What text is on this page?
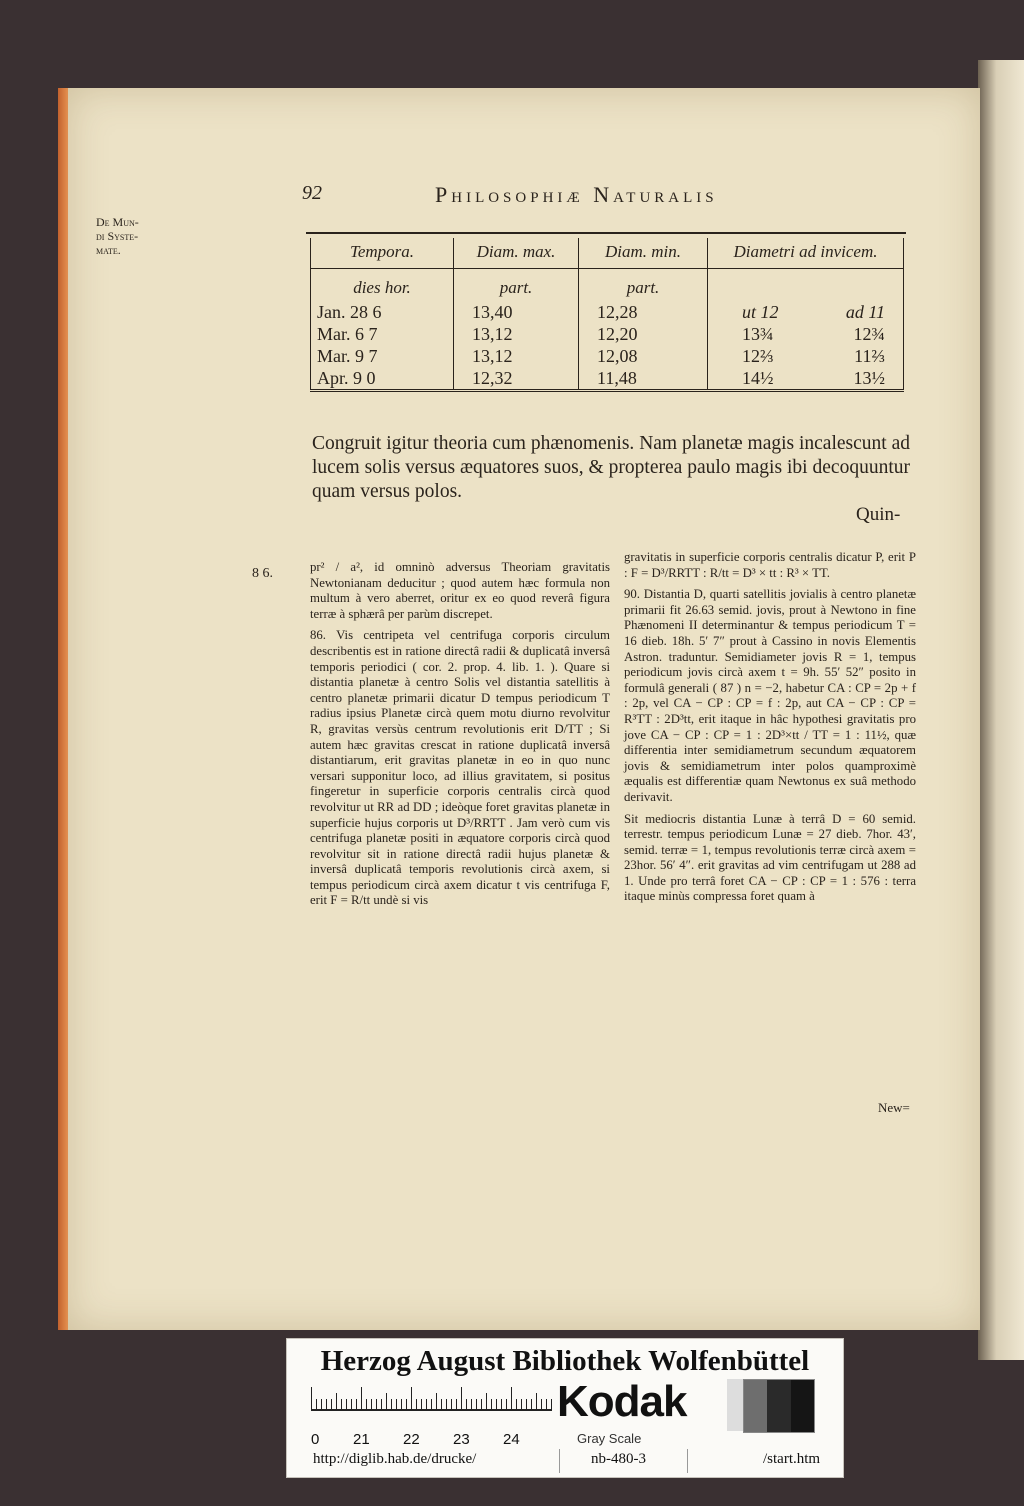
92	Philosophiæ Naturalis
De Mun-
di Syste-
mate.	Tempora.	Diam. max.	Diam. min.	Diametri ad invicem.
dies hor.	part.	part.	
Jan. 28 6	13,40	12,28	ut 12 ad 11

Mar. 6 7	13,12	12,20	13¾ 12¾

Mar. 9 7	13,12	12,08	12⅔ 11⅔

Apr. 9 0	12,32	11,48	14½ 13½
Congruit igitur theoria cum phænomenis. Nam planetæ magis incalescunt ad lucem solis versus æquatores suos, & propterea paulo magis ibi decoquuntur quam versus polos.
Quin-
8 6.	pr² / a², id omninò adversus Theoriam gravitatis Newtonianam deducitur ; quod autem hæc formula non multum à vero aberret, oritur ex eo quod reverâ figura terræ à sphærâ per parùm discrepet.

86. Vis centripeta vel centrifuga corporis circulum describentis est in ratione directâ radii & duplicatâ inversâ temporis periodici ( cor. 2. prop. 4. lib. 1. ). Quare si distantia planetæ à centro Solis vel distantia satellitis à centro planetæ primarii dicatur D tempus periodicum T radius ipsius Planetæ circà quem motu diurno revolvitur R, gravitas versùs centrum revolutionis erit D/TT ; Si autem hæc gravitas crescat in ratione duplicatâ inversâ distantiarum, erit gravitas planetæ in eo in quo nunc versari supponitur loco, ad illius gravitatem, si positus fingeretur in superficie corporis centralis circà quod revolvitur ut RR ad DD ; ideòque foret gravitas planetæ in superficie hujus corporis ut D³/RRTT . Jam verò cum vis centrifuga planetæ positi in æquatore corporis circà quod revolvitur sit in ratione directâ radii hujus planetæ & inversâ duplicatâ temporis revolutionis circà axem, si tempus periodicum circà axem dicatur t vis centrifuga F, erit F = R/tt undè si vis

gravitatis in superficie corporis centralis dicatur P, erit P : F = D³/RRTT : R/tt = D³ × tt : R³ × TT.

90. Distantia D, quarti satellitis jovialis à centro planetæ primarii fit 26.63 semid. jovis, prout à Newtono in fine Phænomeni II determinantur & tempus periodicum T = 16 dieb. 18h. 5′ 7″ prout à Cassino in novis Elementis Astron. traduntur. Semidiameter jovis R = 1, tempus periodicum jovis circà axem t = 9h. 55′ 52″ posito in formulâ generali ( 87 ) n = −2, habetur CA : CP = 2p + f : 2p, vel CA − CP : CP = f : 2p, aut CA − CP : CP = R³TT : 2D³tt, erit itaque in hâc hypothesi gravitatis pro jove CA − CP : CP = 1 : 2D³×tt / TT = 1 : 11½, quæ differentia inter semidiametrum secundum æquatorem jovis & semidiametrum inter polos quamproximè æqualis est differentiæ quam Newtonus ex suâ methodo derivavit.

Sit mediocris distantia Lunæ à terrâ D = 60 semid. terrestr. tempus periodicum Lunæ = 27 dieb. 7hor. 43′, semid. terræ = 1, tempus revolutionis terræ circà axem = 23hor. 56′ 4″. erit gravitas ad vim centrifugam ut 288 ad 1. Unde pro terrâ foret CA − CP : CP = 1 : 576 : terra itaque minùs compressa foret quam à

New=
Herzog August Bibliothek Wolfenbüttel
0 21 22 23 24
Kodak
Gray Scale
http://diglib.hab.de/drucke/	nb-480-3	/start.htm
